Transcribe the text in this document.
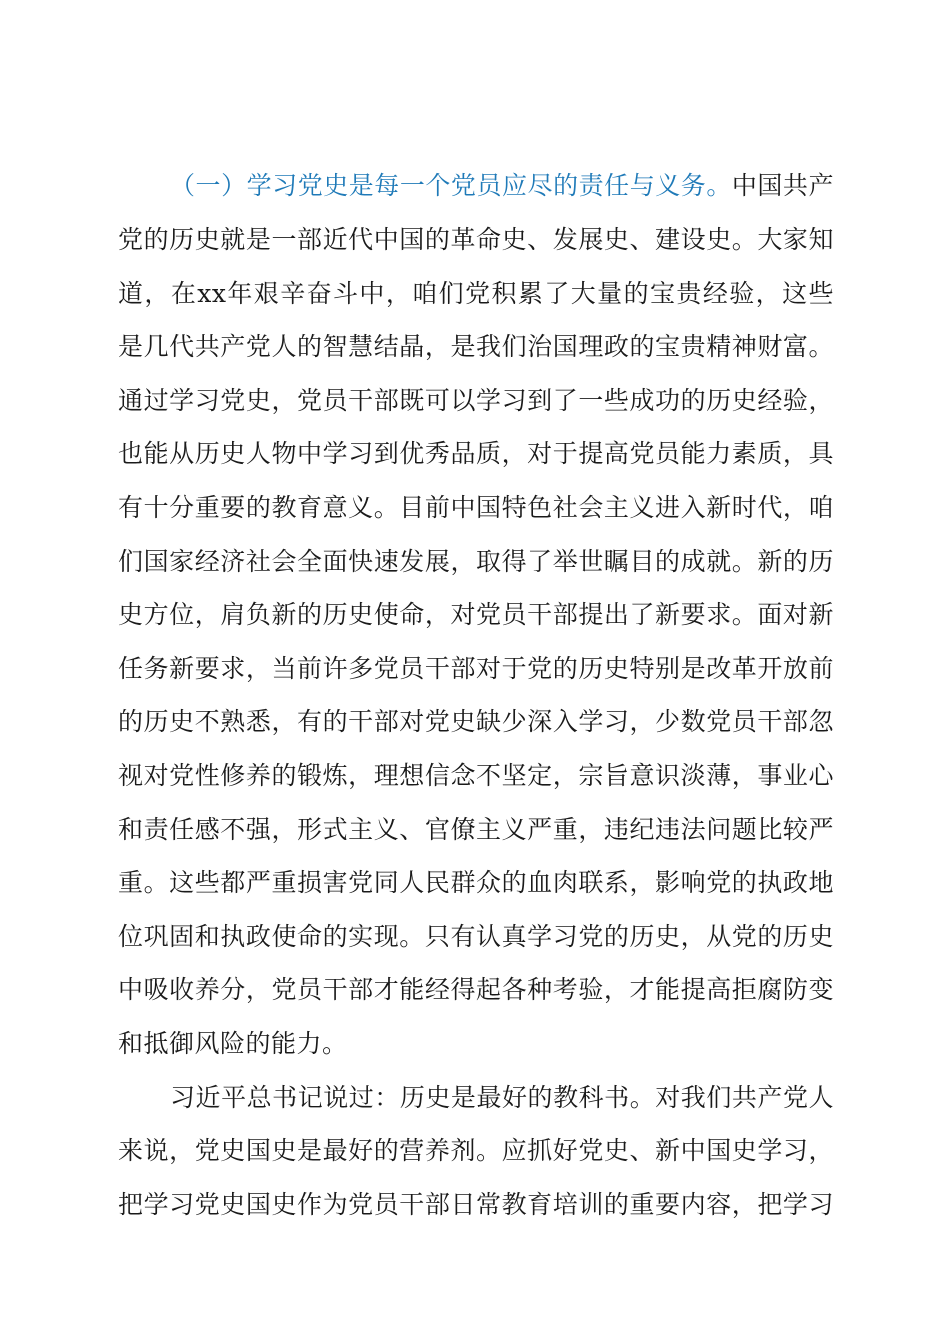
（一）学习党史是每一个党员应尽的责任与义务。中国共产
党的历史就是一部近代中国的革命史、发展史、建设史。大家知
道，在xx年艰辛奋斗中，咱们党积累了大量的宝贵经验，这些
是几代共产党人的智慧结晶，是我们治国理政的宝贵精神财富。
通过学习党史，党员干部既可以学习到了一些成功的历史经验，
也能从历史人物中学习到优秀品质，对于提高党员能力素质，具
有十分重要的教育意义。目前中国特色社会主义进入新时代，咱
们国家经济社会全面快速发展，取得了举世瞩目的成就。新的历
史方位，肩负新的历史使命，对党员干部提出了新要求。面对新
任务新要求，当前许多党员干部对于党的历史特别是改革开放前
的历史不熟悉，有的干部对党史缺少深入学习，少数党员干部忽
视对党性修养的锻炼，理想信念不坚定，宗旨意识淡薄，事业心
和责任感不强，形式主义、官僚主义严重，违纪违法问题比较严
重。这些都严重损害党同人民群众的血肉联系，影响党的执政地
位巩固和执政使命的实现。只有认真学习党的历史，从党的历史
中吸收养分，党员干部才能经得起各种考验，才能提高拒腐防变
和抵御风险的能力。
习近平总书记说过：历史是最好的教科书。对我们共产党人
来说，党史国史是最好的营养剂。应抓好党史、新中国史学习，
把学习党史国史作为党员干部日常教育培训的重要内容，把学习
